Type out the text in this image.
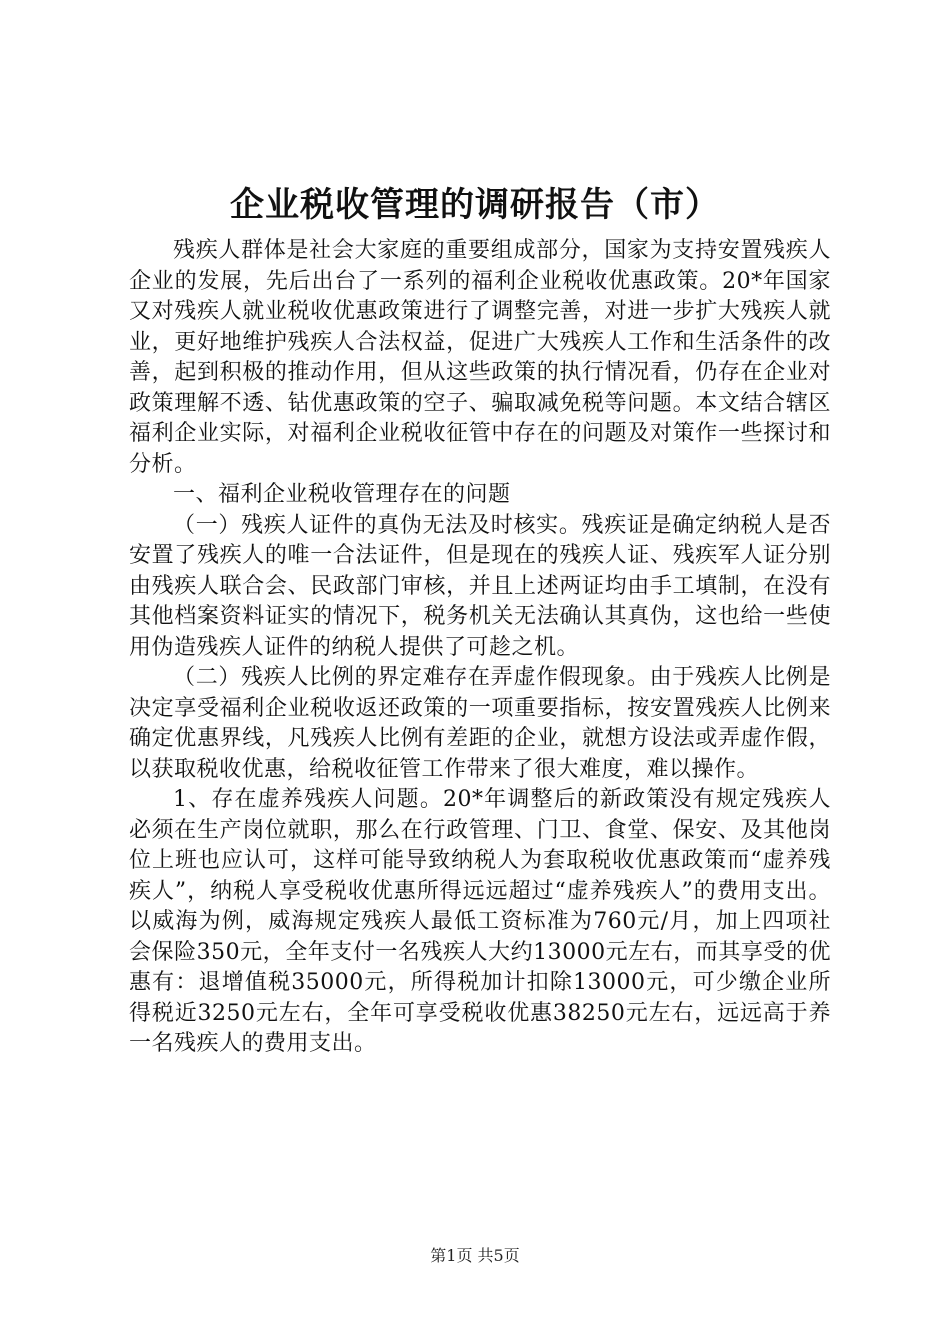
企业税收管理的调研报告（市）

残疾人群体是社会大家庭的重要组成部分，国家为支持安置残疾人企业的发展，先后出台了一系列的福利企业税收优惠政策。20*年国家又对残疾人就业税收优惠政策进行了调整完善，对进一步扩大残疾人就业，更好地维护残疾人合法权益，促进广大残疾人工作和生活条件的改善，起到积极的推动作用，但从这些政策的执行情况看，仍存在企业对政策理解不透、钻优惠政策的空子、骗取减免税等问题。本文结合辖区福利企业实际，对福利企业税收征管中存在的问题及对策作一些探讨和分析。

一、福利企业税收管理存在的问题

（一）残疾人证件的真伪无法及时核实。残疾证是确定纳税人是否安置了残疾人的唯一合法证件，但是现在的残疾人证、残疾军人证分别由残疾人联合会、民政部门审核，并且上述两证均由手工填制，在没有其他档案资料证实的情况下，税务机关无法确认其真伪，这也给一些使用伪造残疾人证件的纳税人提供了可趁之机。

（二）残疾人比例的界定难存在弄虚作假现象。由于残疾人比例是决定享受福利企业税收返还政策的一项重要指标，按安置残疾人比例来确定优惠界线，凡残疾人比例有差距的企业，就想方设法或弄虚作假，以获取税收优惠，给税收征管工作带来了很大难度，难以操作。

1、存在虚养残疾人问题。20*年调整后的新政策没有规定残疾人必须在生产岗位就职，那么在行政管理、门卫、食堂、保安、及其他岗位上班也应认可，这样可能导致纳税人为套取税收优惠政策而“虚养残疾人”，纳税人享受税收优惠所得远远超过“虚养残疾人”的费用支出。以威海为例，威海规定残疾人最低工资标准为760元/月，加上四项社会保险350元，全年支付一名残疾人大约13000元左右，而其享受的优惠有：退增值税35000元，所得税加计扣除13000元，可少缴企业所得税近3250元左右，全年可享受税收优惠38250元左右，远远高于养一名残疾人的费用支出。

第1页 共5页
